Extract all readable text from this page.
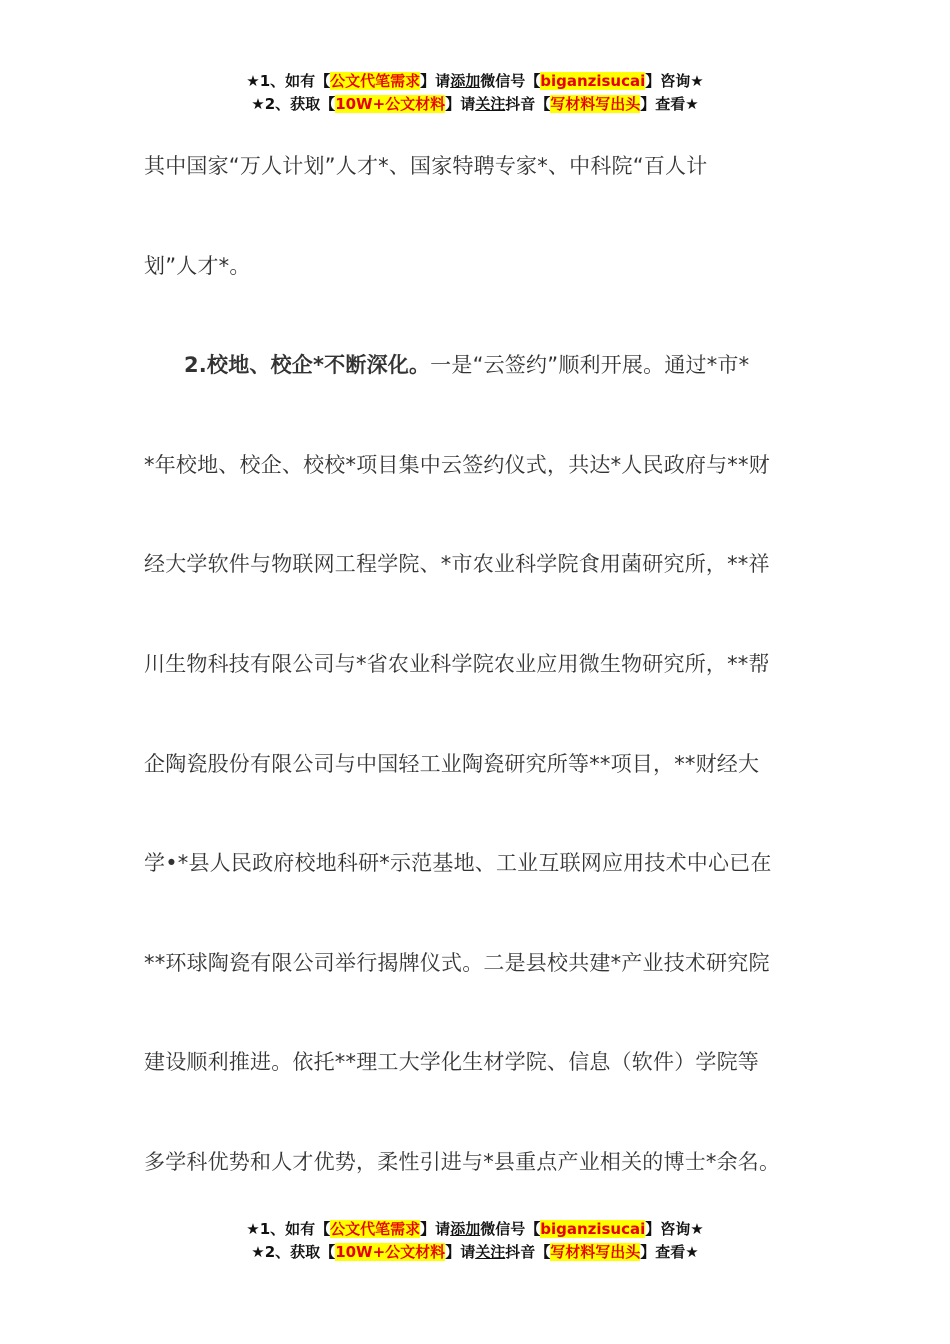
★1、如有【公文代笔需求】请添加微信号【biganzisucai】咨询★
★2、获取【10W+公文材料】请关注抖音【写材料写出头】查看★
其中国家“万人计划”人才*、国家特聘专家*、中科院“百人计
划”人才*。
2.校地、校企*不断深化。一是“云签约”顺利开展。通过*市*
*年校地、校企、校校*项目集中云签约仪式，共达*人民政府与**财
经大学软件与物联网工程学院、*市农业科学院食用菌研究所，**祥
川生物科技有限公司与*省农业科学院农业应用微生物研究所，**帮
企陶瓷股份有限公司与中国轻工业陶瓷研究所等**项目，**财经大
学•*县人民政府校地科研*示范基地、工业互联网应用技术中心已在
**环球陶瓷有限公司举行揭牌仪式。二是县校共建*产业技术研究院
建设顺利推进。依托**理工大学化生材学院、信息（软件）学院等
多学科优势和人才优势，柔性引进与*县重点产业相关的博士*余名。
★1、如有【公文代笔需求】请添加微信号【biganzisucai】咨询★
★2、获取【10W+公文材料】请关注抖音【写材料写出头】查看★
